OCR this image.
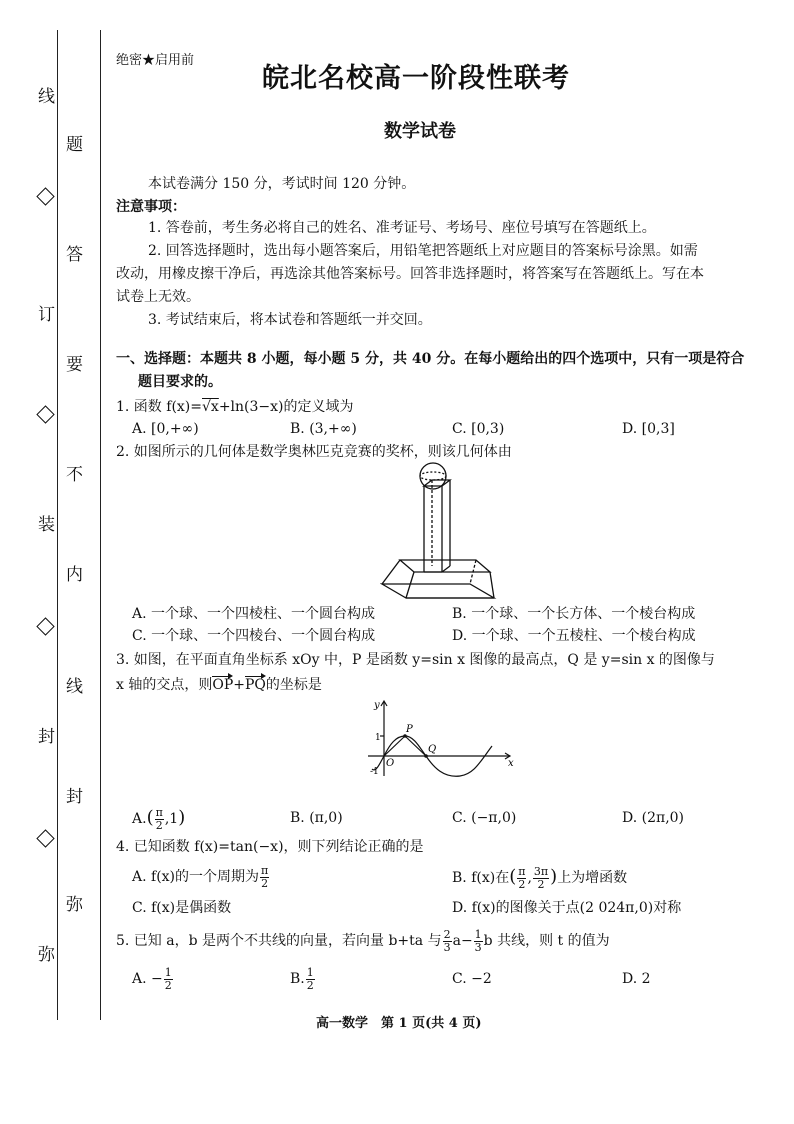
线
订
装
封
弥
题
答
要
不
内
线
封
弥
绝密★启用前
皖北名校高一阶段性联考
数学试卷
本试卷满分 150 分，考试时间 120 分钟。
注意事项：
1. 答卷前，考生务必将自己的姓名、准考证号、考场号、座位号填写在答题纸上。
2. 回答选择题时，选出每小题答案后，用铅笔把答题纸上对应题目的答案标号涂黑。如需
改动，用橡皮擦干净后，再选涂其他答案标号。回答非选择题时，将答案写在答题纸上。写在本
试卷上无效。
3. 考试结束后，将本试卷和答题纸一并交回。
一、选择题：本题共 8 小题，每小题 5 分，共 40 分。在每小题给出的四个选项中，只有一项是符合
题目要求的。
1. 函数 f(x)=√x+ln(3−x)的定义域为
A. [0,+∞)	B. (3,+∞)	C. [0,3)	D. [0,3]
2. 如图所示的几何体是数学奥林匹克竞赛的奖杯，则该几何体由
A. 一个球、一个四棱柱、一个圆台构成	B. 一个球、一个长方体、一个棱台构成
C. 一个球、一个四棱台、一个圆台构成	D. 一个球、一个五棱柱、一个棱台构成
3. 如图，在平面直角坐标系 xOy 中，P 是函数 y=sin x 图像的最高点，Q 是 y=sin x 的图像与
x 轴的交点，则OP+PQ的坐标是
y
x
P
Q
O
1
-1
$A.( \frac{\pi}{2} ,1)$	B. (π,0)	C. (−π,0)	D. (2π,0)
4. 已知函数 f(x)=tan(−x)，则下列结论正确的是
A. f(x)的一个周期为 $\frac{\pi}{2}$	B. f(x)在( $\frac{\pi}{2}$ , $\frac{3\pi}{2}$ )上为增函数
C. f(x)是偶函数	D. f(x)的图像关于点(2 024π,0)对称
5. 已知 a，b 是两个不共线的向量，若向量 b+ta 与 $\frac{2}{3} a- \frac{1}{3}$ b 共线，则 t 的值为
A. − $\frac{1}{2}$	B. $\frac{1}{2}$	C. −2	D. 2
高一数学　第 1 页(共 4 页)
